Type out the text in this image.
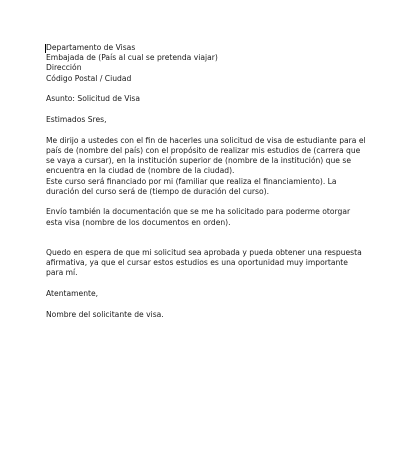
Departamento de Visas
Embajada de (País al cual se pretenda viajar)
Dirección
Código Postal / Ciudad
Asunto: Solicitud de Visa
Estimados Sres,
Me dirijo a ustedes con el fin de hacerles una solicitud de visa de estudiante para el
país de (nombre del país) con el propósito de realizar mis estudios de (carrera que
se vaya a cursar), en la institución superior de (nombre de la institución) que se
encuentra en la ciudad de (nombre de la ciudad).
Este curso será financiado por mi (familiar que realiza el financiamiento). La
duración del curso será de (tiempo de duración del curso).
Envío también la documentación que se me ha solicitado para poderme otorgar
esta visa (nombre de los documentos en orden).
Quedo en espera de que mi solicitud sea aprobada y pueda obtener una respuesta
afirmativa, ya que el cursar estos estudios es una oportunidad muy importante
para mí.
Atentamente,
Nombre del solicitante de visa.
